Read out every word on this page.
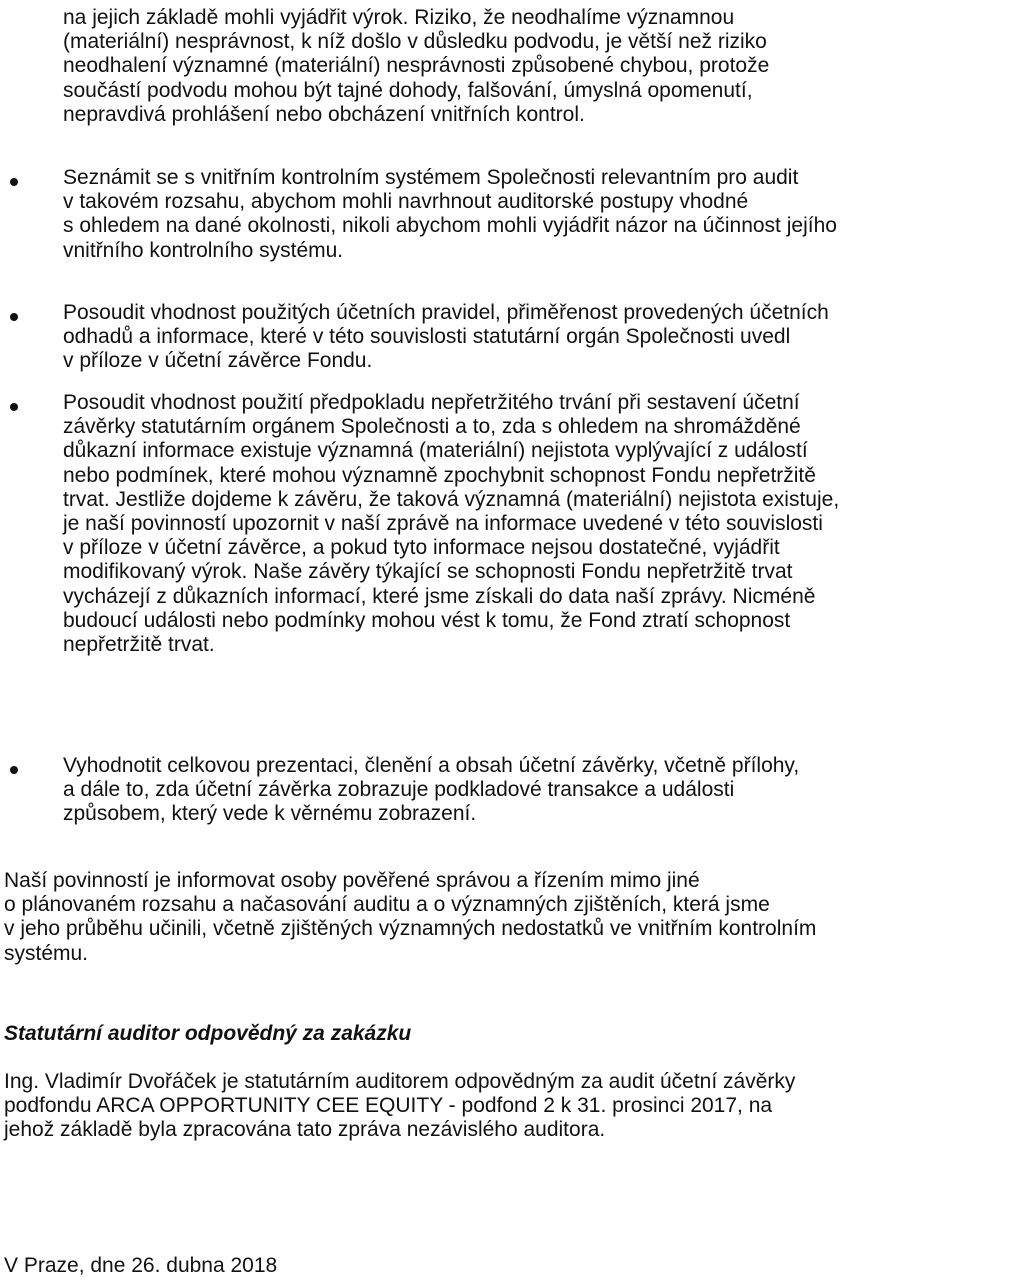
na jejich základě mohli vyjádřit výrok. Riziko, že neodhalíme významnou
(materiální) nesprávnost, k níž došlo v důsledku podvodu, je větší než riziko
neodhalení významné (materiální) nesprávnosti způsobené chybou, protože
součástí podvodu mohou být tajné dohody, falšování, úmyslná opomenutí,
nepravdivá prohlášení nebo obcházení vnitřních kontrol.
Seznámit se s vnitřním kontrolním systémem Společnosti relevantním pro audit
v takovém rozsahu, abychom mohli navrhnout auditorské postupy vhodné
s ohledem na dané okolnosti, nikoli abychom mohli vyjádřit názor na účinnost jejího
vnitřního kontrolního systému.
Posoudit vhodnost použitých účetních pravidel, přiměřenost provedených účetních
odhadů a informace, které v této souvislosti statutární orgán Společnosti uvedl
v příloze v účetní závěrce Fondu.
Posoudit vhodnost použití předpokladu nepřetržitého trvání při sestavení účetní
závěrky statutárním orgánem Společnosti a to, zda s ohledem na shromážděné
důkazní informace existuje významná (materiální) nejistota vyplývající z událostí
nebo podmínek, které mohou významně zpochybnit schopnost Fondu nepřetržitě
trvat. Jestliže dojdeme k závěru, že taková významná (materiální) nejistota existuje,
je naší povinností upozornit v naší zprávě na informace uvedené v této souvislosti
v příloze v účetní závěrce, a pokud tyto informace nejsou dostatečné, vyjádřit
modifikovaný výrok. Naše závěry týkající se schopnosti Fondu nepřetržitě trvat
vycházejí z důkazních informací, které jsme získali do data naší zprávy. Nicméně
budoucí události nebo podmínky mohou vést k tomu, že Fond ztratí schopnost
nepřetržitě trvat.
Vyhodnotit celkovou prezentaci, členění a obsah účetní závěrky, včetně přílohy,
a dále to, zda účetní závěrka zobrazuje podkladové transakce a události
způsobem, který vede k věrnému zobrazení.
Naší povinností je informovat osoby pověřené správou a řízením mimo jiné
o plánovaném rozsahu a načasování auditu a o významných zjištěních, která jsme
v jeho průběhu učinili, včetně zjištěných významných nedostatků ve vnitřním kontrolním
systému.
Statutární auditor odpovědný za zakázku
Ing. Vladimír Dvořáček je statutárním auditorem odpovědným za audit účetní závěrky
podfondu ARCA OPPORTUNITY CEE EQUITY - podfond 2 k 31. prosinci 2017, na
jehož základě byla zpracována tato zpráva nezávislého auditora.

V Praze, dne 26. dubna 2018
